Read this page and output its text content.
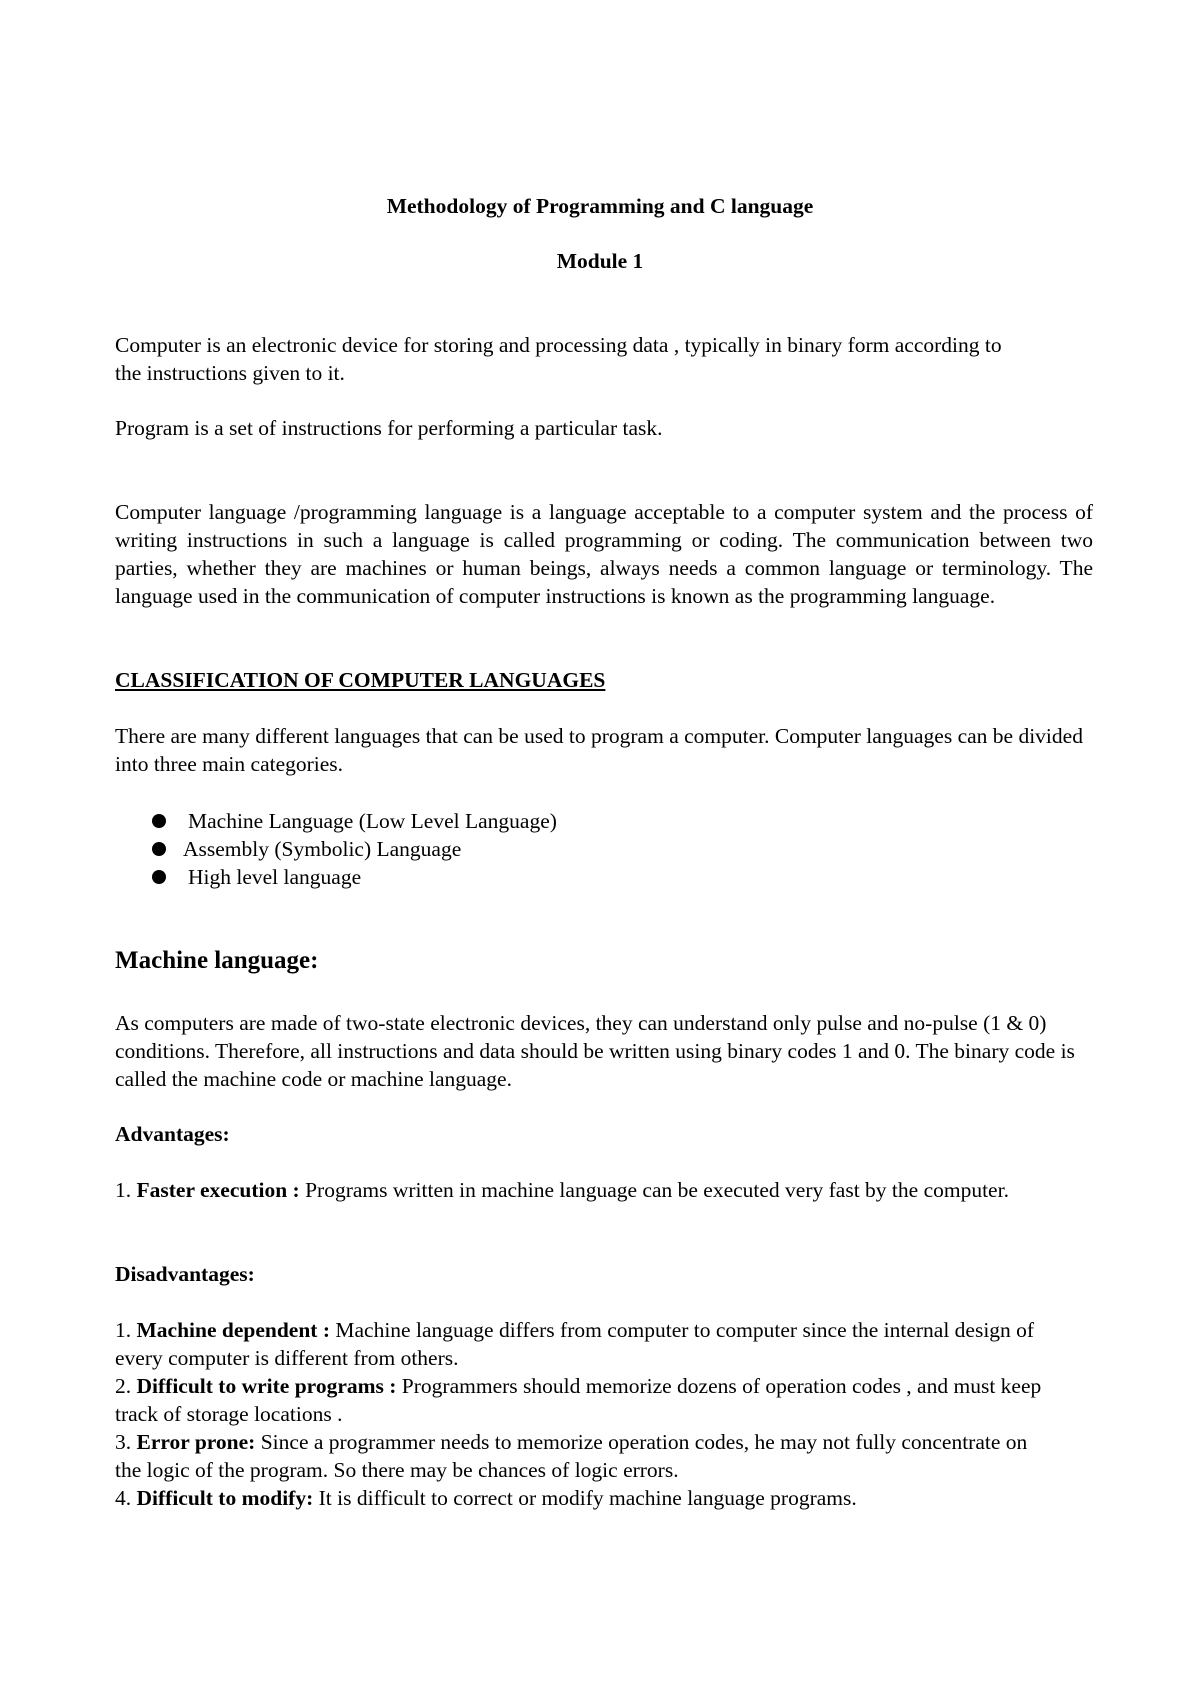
Methodology of Programming and C language

Module 1

Computer is an electronic device for storing and processing data , typically in binary form according to the instructions given to it.

Program is a set of instructions for performing a particular task.

Computer language /programming language is a language acceptable to a computer system and the process of writing instructions in such a language is called programming or coding. The communication between two parties, whether they are machines or human beings, always needs a common language or terminology. The language used in the communication of computer instructions is known as the programming language.

CLASSIFICATION OF COMPUTER LANGUAGES

There are many different languages that can be used to program a computer. Computer languages can be divided into three main categories.

Machine Language (Low Level Language)
Assembly (Symbolic) Language
High level language

Machine language:

As computers are made of two-state electronic devices, they can understand only pulse and no-pulse (1 & 0) conditions. Therefore, all instructions and data should be written using binary codes 1 and 0. The binary code is called the machine code or machine language.

Advantages:

1. Faster execution : Programs written in machine language can be executed very fast by the computer.

Disadvantages:

1. Machine dependent : Machine language differs from computer to computer since the internal design of every computer is different from others.

2. Difficult to write programs : Programmers should memorize dozens of operation codes , and must keep track of storage locations .

3. Error prone: Since a programmer needs to memorize operation codes, he may not fully concentrate on the logic of the program. So there may be chances of logic errors.

4. Difficult to modify: It is difficult to correct or modify machine language programs.
